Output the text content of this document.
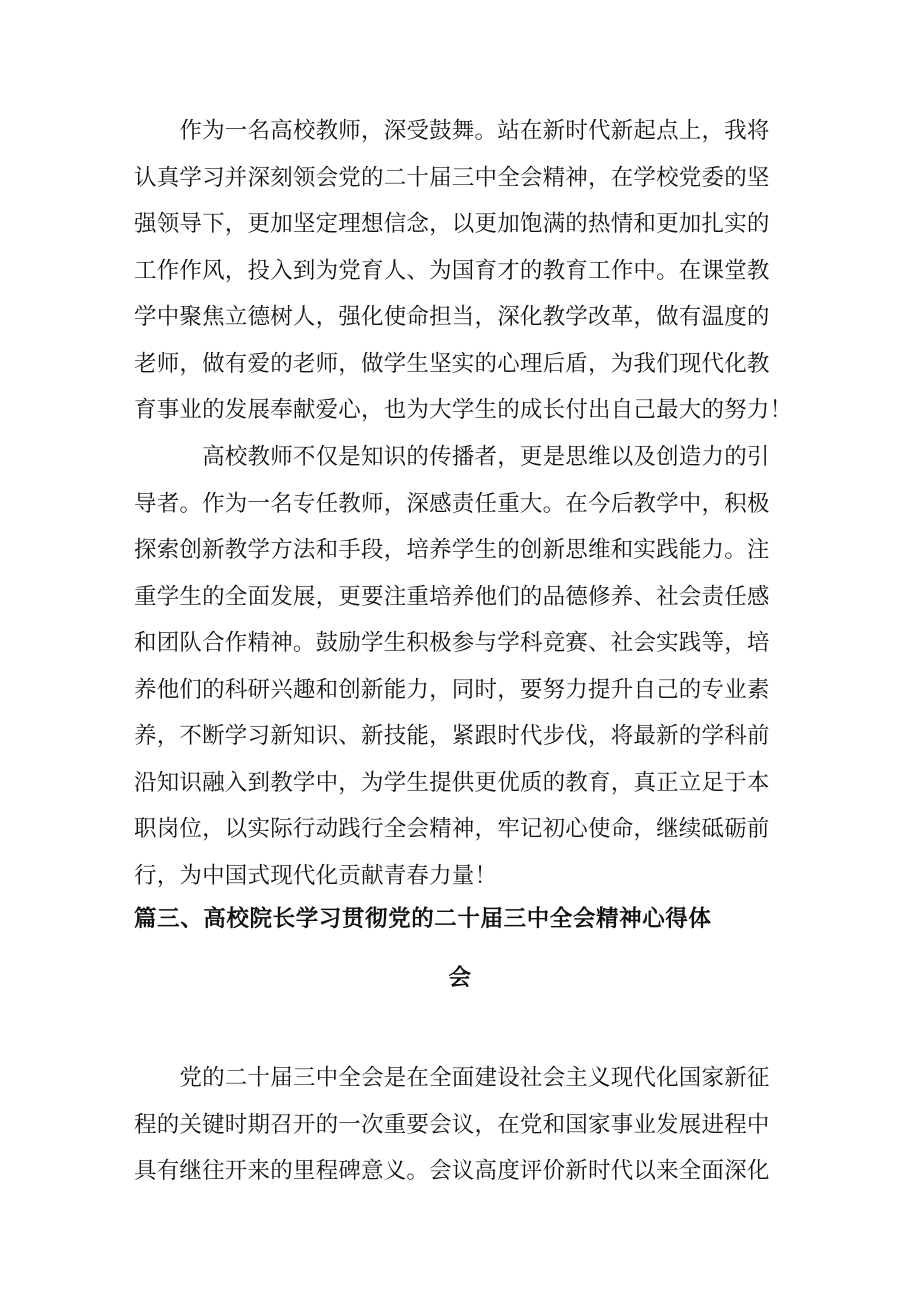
　　作为一名高校教师，深受鼓舞。站在新时代新起点上，我将
认真学习并深刻领会党的二十届三中全会精神，在学校党委的坚
强领导下，更加坚定理想信念，以更加饱满的热情和更加扎实的
工作作风，投入到为党育人、为国育才的教育工作中。在课堂教
学中聚焦立德树人，强化使命担当，深化教学改革，做有温度的
老师，做有爱的老师，做学生坚实的心理后盾，为我们现代化教
育事业的发展奉献爱心，也为大学生的成长付出自己最大的努力！
　　　高校教师不仅是知识的传播者，更是思维以及创造力的引
导者。作为一名专任教师，深感责任重大。在今后教学中，积极
探索创新教学方法和手段，培养学生的创新思维和实践能力。注
重学生的全面发展，更要注重培养他们的品德修养、社会责任感
和团队合作精神。鼓励学生积极参与学科竞赛、社会实践等，培
养他们的科研兴趣和创新能力，同时，要努力提升自己的专业素
养，不断学习新知识、新技能，紧跟时代步伐，将最新的学科前
沿知识融入到教学中，为学生提供更优质的教育，真正立足于本
职岗位，以实际行动践行全会精神，牢记初心使命，继续砥砺前
行，为中国式现代化贡献青春力量！
篇三、高校院长学习贯彻党的二十届三中全会精神心得体
会
　　党的二十届三中全会是在全面建设社会主义现代化国家新征
程的关键时期召开的一次重要会议，在党和国家事业发展进程中
具有继往开来的里程碑意义。会议高度评价新时代以来全面深化
